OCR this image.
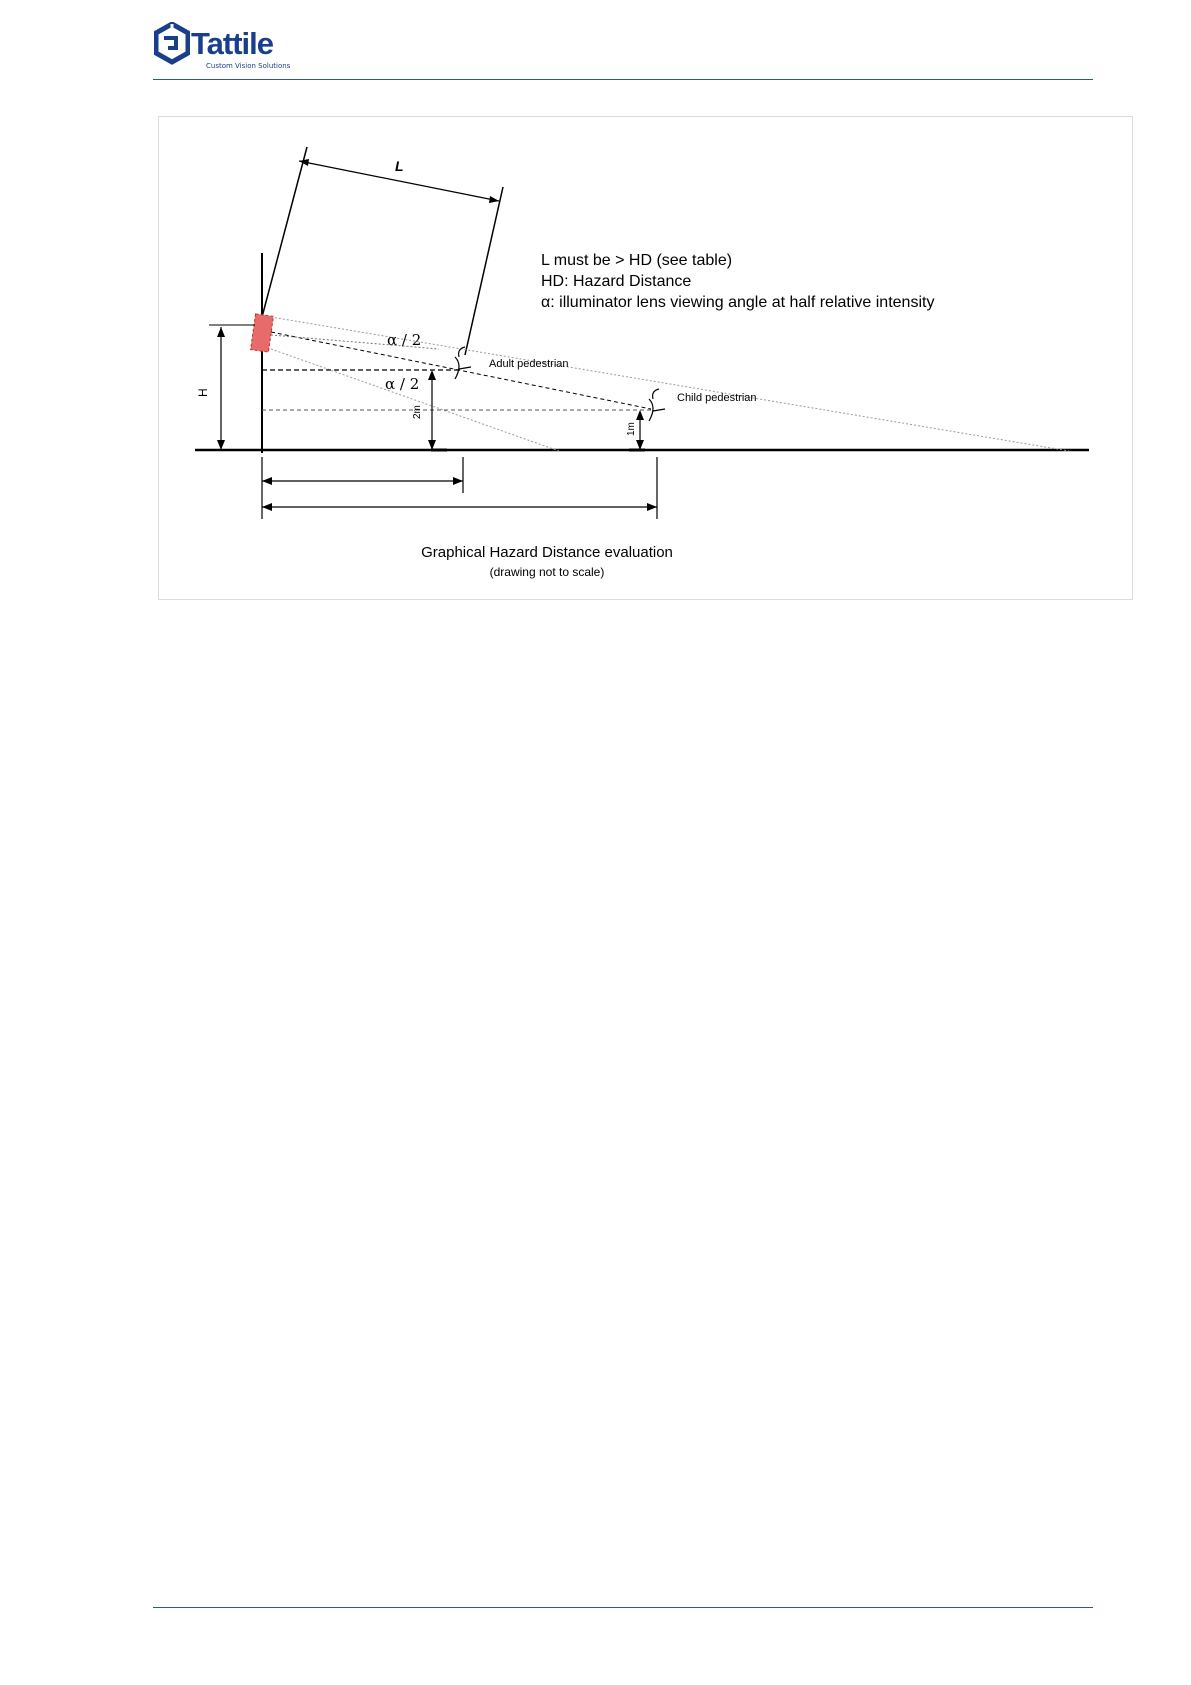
Tattile
Custom Vision Solutions
L
H
α / 2
α / 2
Adult pedestrian
2m
Child pedestrian
1m
L must be > HD (see table)
HD: Hazard Distance
α: illuminator lens viewing angle at half relative intensity
Graphical Hazard Distance evaluation
(drawing not to scale)
